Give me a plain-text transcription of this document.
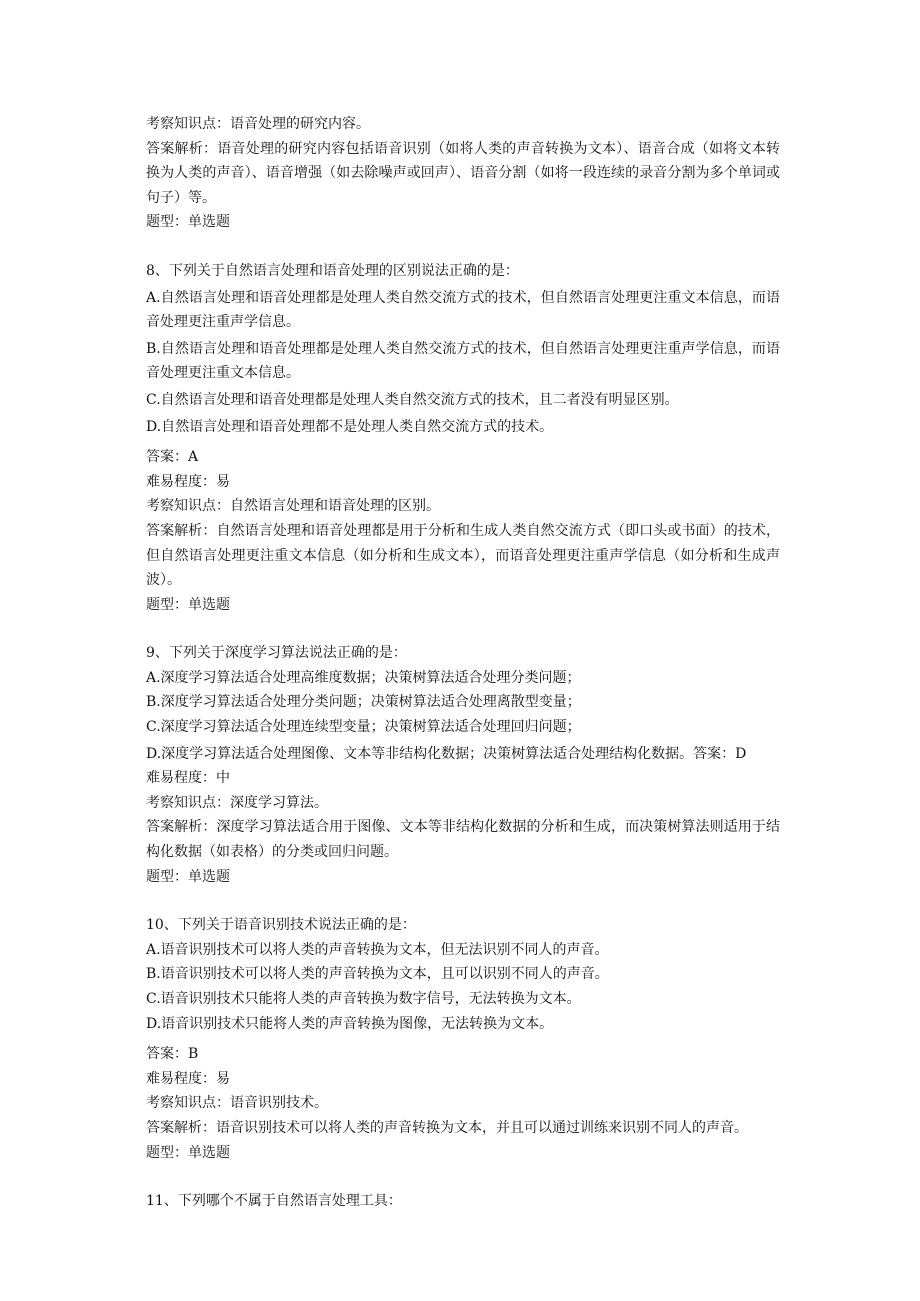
考察知识点：语音处理的研究内容。
答案解析：语音处理的研究内容包括语音识别（如将人类的声音转换为文本）、语音合成（如将文本转换为人类的声音）、语音增强（如去除噪声或回声）、语音分割（如将一段连续的录音分割为多个单词或句子）等。
题型：单选题
8、下列关于自然语言处理和语音处理的区别说法正确的是：
A.自然语言处理和语音处理都是处理人类自然交流方式的技术，但自然语言处理更注重文本信息，而语音处理更注重声学信息。
B.自然语言处理和语音处理都是处理人类自然交流方式的技术，但自然语言处理更注重声学信息，而语音处理更注重文本信息。
C.自然语言处理和语音处理都是处理人类自然交流方式的技术，且二者没有明显区别。
D.自然语言处理和语音处理都不是处理人类自然交流方式的技术。
答案：A
难易程度：易
考察知识点：自然语言处理和语音处理的区别。
答案解析：自然语言处理和语音处理都是用于分析和生成人类自然交流方式（即口头或书面）的技术，但自然语言处理更注重文本信息（如分析和生成文本），而语音处理更注重声学信息（如分析和生成声波）。
题型：单选题
9、下列关于深度学习算法说法正确的是：
A.深度学习算法适合处理高维度数据；决策树算法适合处理分类问题；
B.深度学习算法适合处理分类问题；决策树算法适合处理离散型变量；
C.深度学习算法适合处理连续型变量；决策树算法适合处理回归问题；
D.深度学习算法适合处理图像、文本等非结构化数据；决策树算法适合处理结构化数据。答案：D
难易程度：中
考察知识点：深度学习算法。
答案解析：深度学习算法适合用于图像、文本等非结构化数据的分析和生成，而决策树算法则适用于结构化数据（如表格）的分类或回归问题。
题型：单选题
10、下列关于语音识别技术说法正确的是：
A.语音识别技术可以将人类的声音转换为文本，但无法识别不同人的声音。
B.语音识别技术可以将人类的声音转换为文本，且可以识别不同人的声音。
C.语音识别技术只能将人类的声音转换为数字信号，无法转换为文本。
D.语音识别技术只能将人类的声音转换为图像，无法转换为文本。
答案：B
难易程度：易
考察知识点：语音识别技术。
答案解析：语音识别技术可以将人类的声音转换为文本，并且可以通过训练来识别不同人的声音。
题型：单选题
11、下列哪个不属于自然语言处理工具：
